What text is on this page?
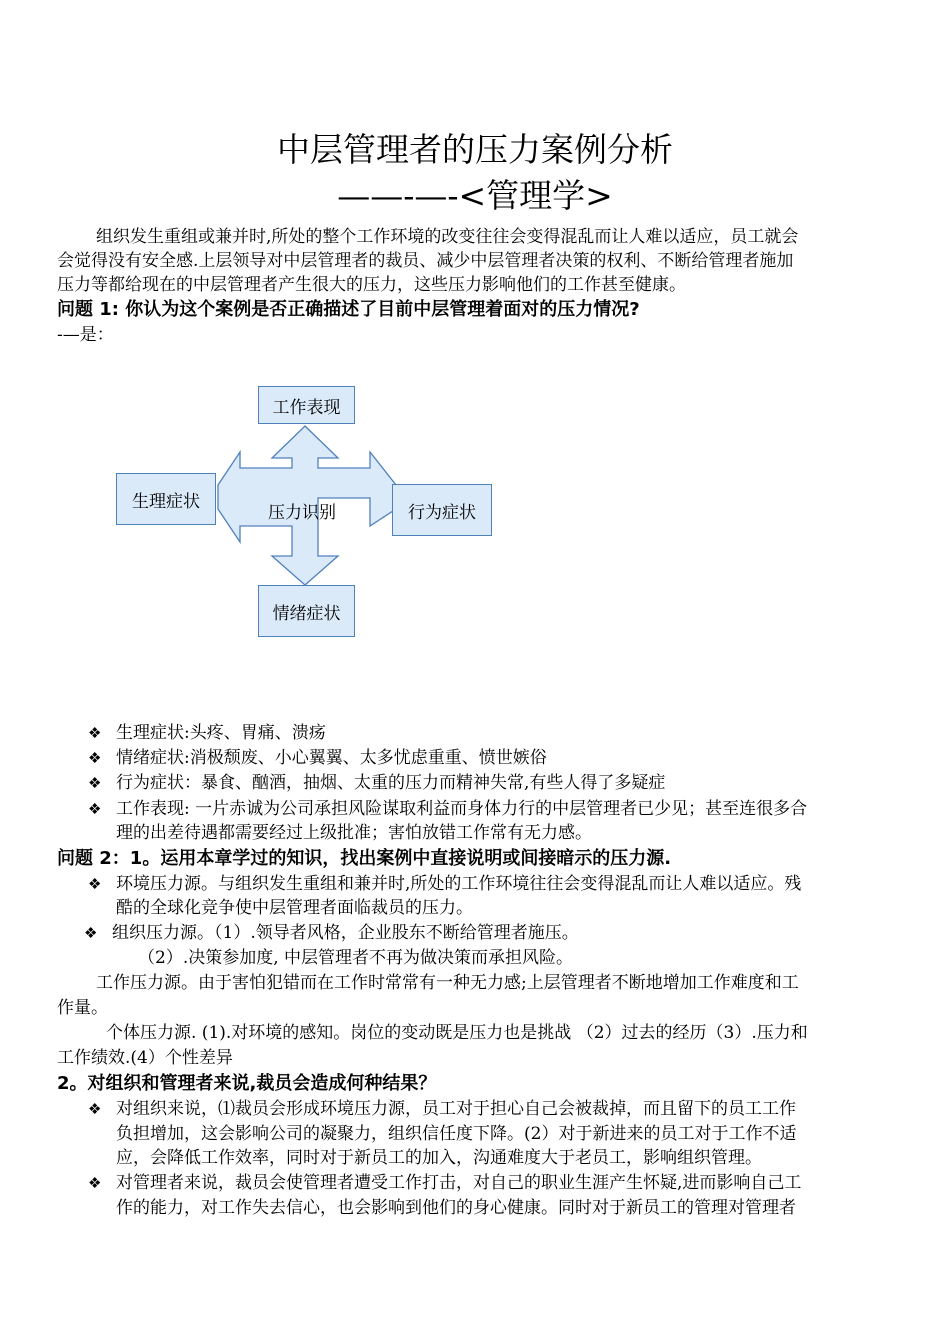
中层管理者的压力案例分析
——-—-<管理学>
组织发生重组或兼并时,所处的整个工作环境的改变往往会变得混乱而让人难以适应，员工就会
会觉得没有安全感.上层领导对中层管理者的裁员、减少中层管理者决策的权利、不断给管理者施加
压力等都给现在的中层管理者产生很大的压力，这些压力影响他们的工作甚至健康。
问题 1: 你认为这个案例是否正确描述了目前中层管理着面对的压力情况?
-—是：
工作表现
生理症状
行为症状
情绪症状
压力识别
❖ 生理症状:头疼、胃痛、溃疡
❖ 情绪症状:消极颓废、小心翼翼、太多忧虑重重、愤世嫉俗
❖ 行为症状：暴食、酗酒，抽烟、太重的压力而精神失常,有些人得了多疑症
❖ 工作表现: 一片赤诚为公司承担风险谋取利益而身体力行的中层管理者已少见；甚至连很多合
理的出差待遇都需要经过上级批准；害怕放错工作常有无力感。
问题 2：1。运用本章学过的知识，找出案例中直接说明或间接暗示的压力源.
❖ 环境压力源。与组织发生重组和兼并时,所处的工作环境往往会变得混乱而让人难以适应。残
酷的全球化竞争使中层管理者面临裁员的压力。
❖ 组织压力源。（1）.领导者风格，企业股东不断给管理者施压。
（2）.决策参加度, 中层管理者不再为做决策而承担风险。
工作压力源。由于害怕犯错而在工作时常常有一种无力感;上层管理者不断地增加工作难度和工
作量。
个体压力源. (1).对环境的感知。岗位的变动既是压力也是挑战 （2）过去的经历（3）.压力和
工作绩效.(4）个性差异
2。对组织和管理者来说,裁员会造成何种结果？
❖ 对组织来说，⑴裁员会形成环境压力源，员工对于担心自己会被裁掉，而且留下的员工工作
负担增加，这会影响公司的凝聚力，组织信任度下降。(2）对于新进来的员工对于工作不适
应，会降低工作效率，同时对于新员工的加入，沟通难度大于老员工，影响组织管理。
❖ 对管理者来说，裁员会使管理者遭受工作打击，对自己的职业生涯产生怀疑,进而影响自己工
作的能力，对工作失去信心，也会影响到他们的身心健康。同时对于新员工的管理对管理者
